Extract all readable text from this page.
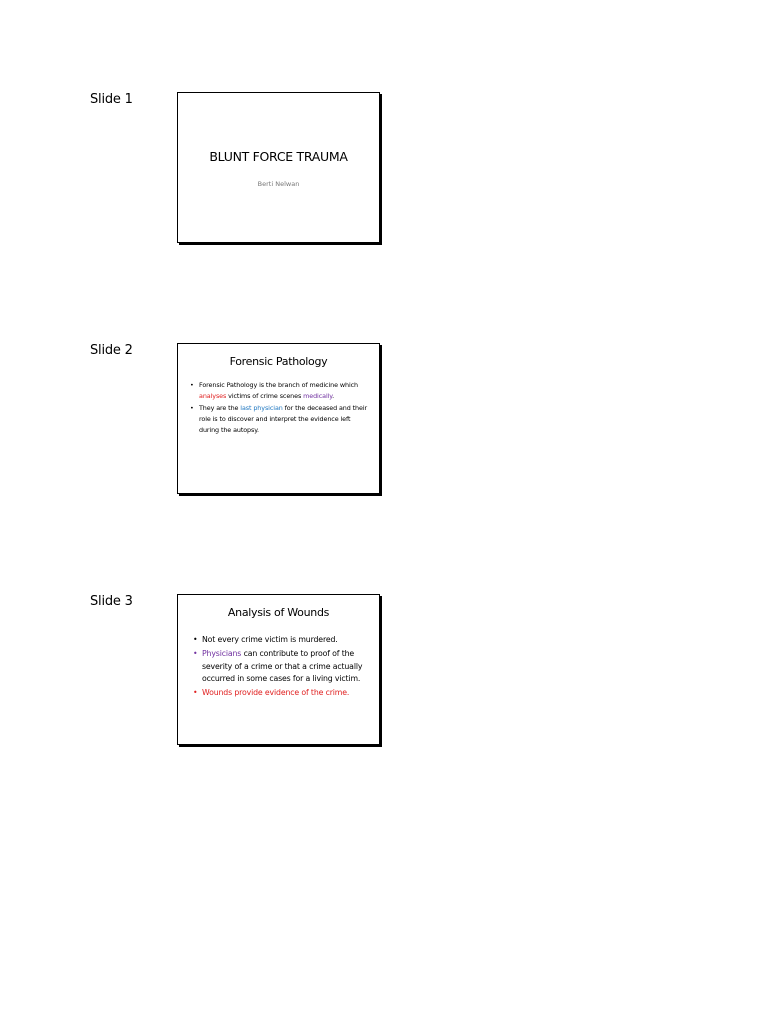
Slide 1
BLUNT FORCE TRAUMA
Berti Nelwan
Slide 2
Forensic Pathology

• Forensic Pathology is the branch of medicine which analyses victims of crime scenes medically.

• They are the last physician for the deceased and their role is to discover and interpret the evidence left during the autopsy.

Slide 3
Analysis of Wounds

• Not every crime victim is murdered.

• Physicians can contribute to proof of the severity of a crime or that a crime actually occurred in some cases for a living victim.

• Wounds provide evidence of the crime.
